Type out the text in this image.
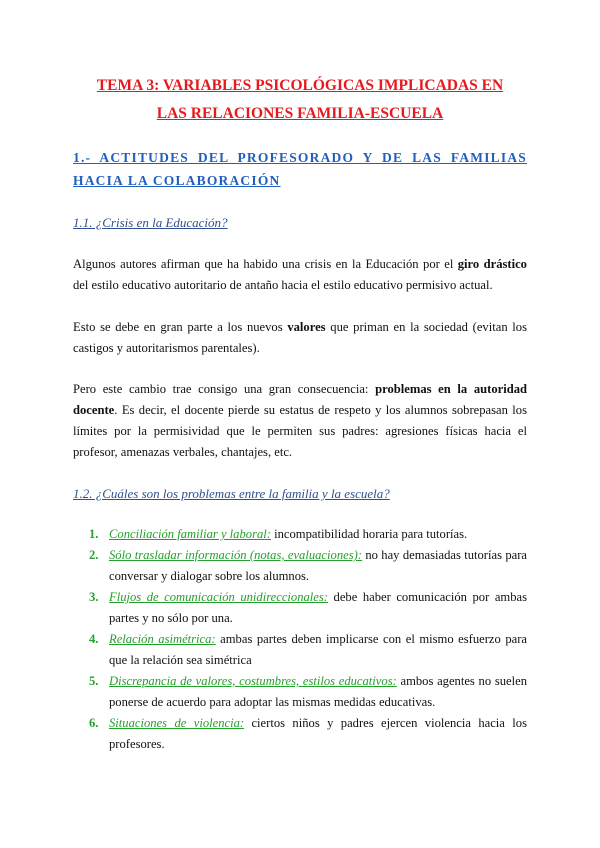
TEMA 3: VARIABLES PSICOLÓGICAS IMPLICADAS EN
LAS RELACIONES FAMILIA-ESCUELA
1.- ACTITUDES DEL PROFESORADO Y DE LAS FAMILIAS HACIA LA COLABORACIÓN
1.1. ¿Crisis en la Educación?
Algunos autores afirman que ha habido una crisis en la Educación por el giro drástico del estilo educativo autoritario de antaño hacia el estilo educativo permisivo actual.
Esto se debe en gran parte a los nuevos valores que priman en la sociedad (evitan los castigos y autoritarismos parentales).
Pero este cambio trae consigo una gran consecuencia: problemas en la autoridad docente. Es decir, el docente pierde su estatus de respeto y los alumnos sobrepasan los límites por la permisividad que le permiten sus padres: agresiones físicas hacia el profesor, amenazas verbales, chantajes, etc.
1.2. ¿Cuáles son los problemas entre la familia y la escuela?
1. Conciliación familiar y laboral: incompatibilidad horaria para tutorías.
2. Sólo trasladar información (notas, evaluaciones): no hay demasiadas tutorías para conversar y dialogar sobre los alumnos.
3. Flujos de comunicación unidireccionales: debe haber comunicación por ambas partes y no sólo por una.
4. Relación asimétrica: ambas partes deben implicarse con el mismo esfuerzo para que la relación sea simétrica
5. Discrepancia de valores, costumbres, estilos educativos: ambos agentes no suelen ponerse de acuerdo para adoptar las mismas medidas educativas.
6. Situaciones de violencia: ciertos niños y padres ejercen violencia hacia los profesores.
